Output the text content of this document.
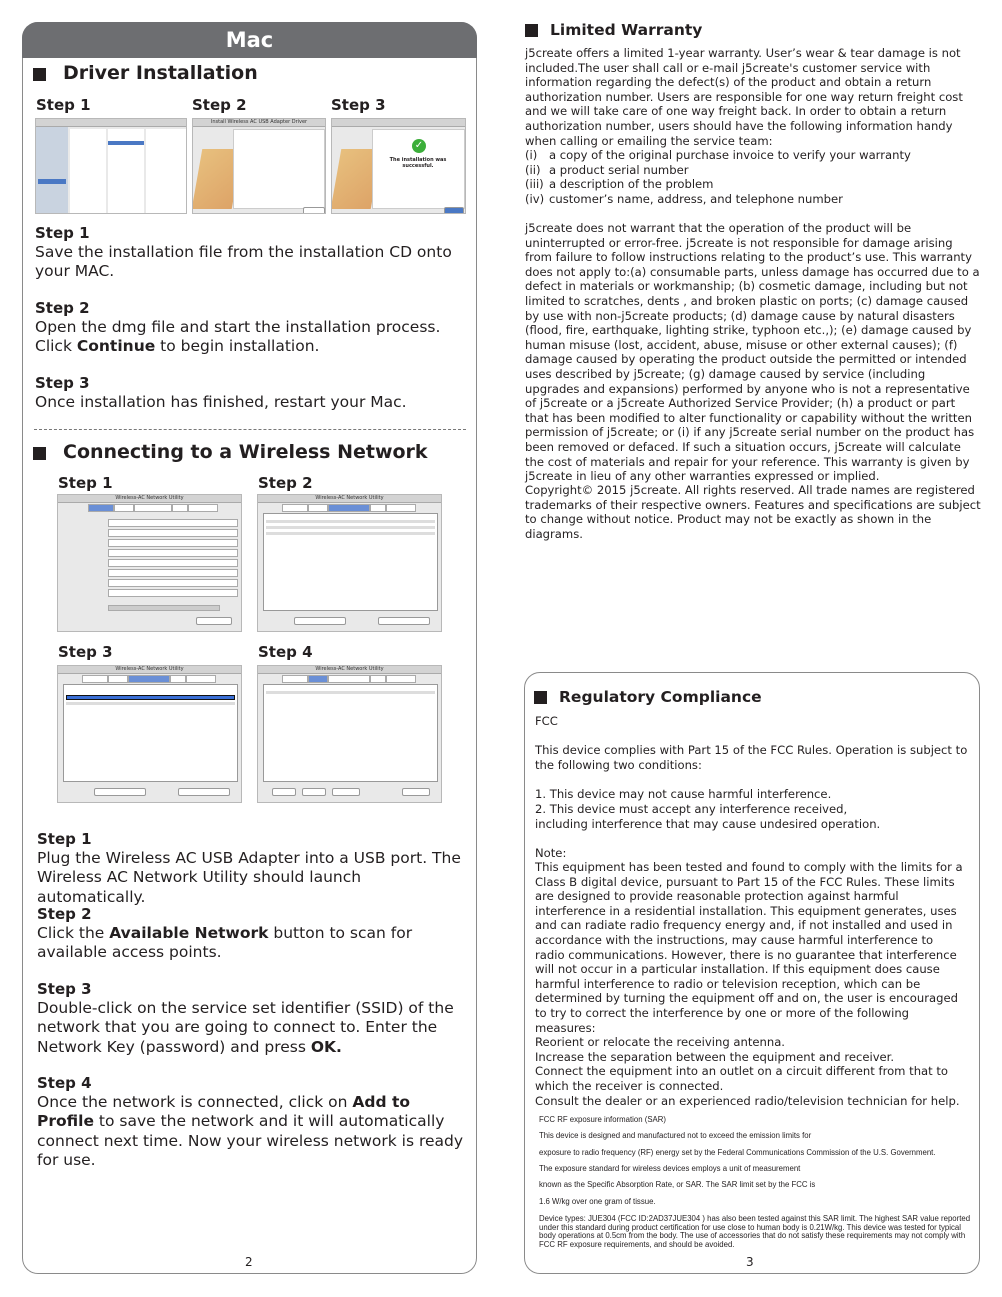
Mac
Driver Installation
Step 1	Step 2	Step 3
Install Wireless AC USB Adapter Driver
✓
The installation was successful.
Step 1
Save the installation file from the installation CD onto your MAC.
Step 2
Open the dmg file and start the installation process. Click Continue to begin installation.
Step 3
Once installation has finished, restart your Mac.
Connecting to a Wireless Network
Step 1	Step 2
Step 3	Step 4
Wireless-AC Network Utility	Wireless-AC Network Utility
Wireless-AC Network Utility	Wireless-AC Network Utility
Step 1
Plug the Wireless AC USB Adapter into a USB port. The Wireless AC Network Utility should launch automatically.
Step 2
Click the Available Network button to scan for available access points.
Step 3
Double-click on the service set identifier (SSID) of the network that you are going to connect to. Enter the Network Key (password) and press OK.
Step 4
Once the network is connected, click on Add to Profile to save the network and it will automatically connect next time. Now your wireless network is ready for use.
2
Limited Warranty
j5create offers a limited 1-year warranty. User’s wear & tear damage is not included.The user shall call or e-mail j5create's customer service with information regarding the defect(s) of the product and obtain a return authorization number. Users are responsible for one way return freight cost and we will take care of one way freight back. In order to obtain a return authorization number, users should have the following information handy when calling or emailing the service team:
(i) a copy of the original purchase invoice to verify your warranty
(ii) a product serial number
(iii) a description of the problem
(iv) customer’s name, address, and telephone number
j5create does not warrant that the operation of the product will be uninterrupted or error-free. j5create is not responsible for damage arising from failure to follow instructions relating to the product’s use. This warranty does not apply to:(a) consumable parts, unless damage has occurred due to a defect in materials or workmanship; (b) cosmetic damage, including but not limited to scratches, dents , and broken plastic on ports; (c) damage caused by use with non-j5create products; (d) damage cause by natural disasters (flood, fire, earthquake, lighting strike, typhoon etc.,); (e) damage caused by human misuse (lost, accident, abuse, misuse or other external causes); (f) damage caused by operating the product outside the permitted or intended uses described by j5create; (g) damage caused by service (including upgrades and expansions) performed by anyone who is not a representative of j5create or a j5create Authorized Service Provider; (h) a product or part that has been modified to alter functionality or capability without the written permission of j5create; or (i) if any j5create serial number on the product has been removed or defaced. If such a situation occurs, j5create will calculate the cost of materials and repair for your reference. This warranty is given by j5create in lieu of any other warranties expressed or implied.
Copyright© 2015 j5create. All rights reserved. All trade names are registered trademarks of their respective owners. Features and specifications are subject to change without notice. Product may not be exactly as shown in the diagrams.
Regulatory Compliance
FCC
This device complies with Part 15 of the FCC Rules. Operation is subject to the following two conditions:
1. This device may not cause harmful interference.
2. This device must accept any interference received, including interference that may cause undesired operation.
Note:
This equipment has been tested and found to comply with the limits for a Class B digital device, pursuant to Part 15 of the FCC Rules. These limits are designed to provide reasonable protection against harmful interference in a residential installation. This equipment generates, uses and can radiate radio frequency energy and, if not installed and used in accordance with the instructions, may cause harmful interference to radio communications. However, there is no guarantee that interference will not occur in a particular installation. If this equipment does cause harmful interference to radio or television reception, which can be determined by turning the equipment off and on, the user is encouraged to try to correct the interference by one or more of the following measures:
Reorient or relocate the receiving antenna.
Increase the separation between the equipment and receiver.
Connect the equipment into an outlet on a circuit different from that to which the receiver is connected.
Consult the dealer or an experienced radio/television technician for help.
FCC RF exposure information (SAR)
This device is designed and manufactured not to exceed the emission limits for
exposure to radio frequency (RF) energy set by the Federal Communications Commission of the U.S. Government.
The exposure standard for wireless devices employs a unit of measurement
known as the Specific Absorption Rate, or SAR. The SAR limit set by the FCC is
1.6 W/kg over one gram of tissue.
Device types: JUE304 (FCC ID:2AD37JUE304 ) has also been tested against this SAR limit. The highest SAR value reported under this standard during product certification for use close to human body is 0.21W/kg. This device was tested for typical body operations at 0.5cm from the body. The use of accessories that do not satisfy these requirements may not comply with FCC RF exposure requirements, and should be avoided.
3
